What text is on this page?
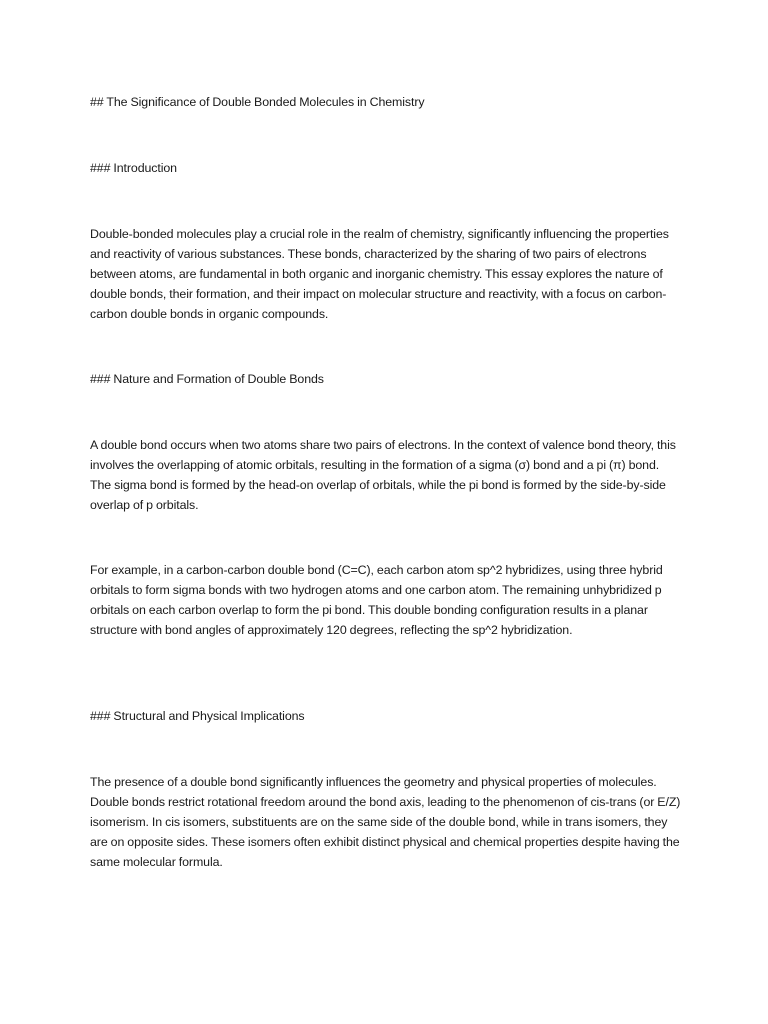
## The Significance of Double Bonded Molecules in Chemistry

### Introduction

Double-bonded molecules play a crucial role in the realm of chemistry, significantly influencing the properties and reactivity of various substances. These bonds, characterized by the sharing of two pairs of electrons between atoms, are fundamental in both organic and inorganic chemistry. This essay explores the nature of double bonds, their formation, and their impact on molecular structure and reactivity, with a focus on carbon-carbon double bonds in organic compounds.

### Nature and Formation of Double Bonds

A double bond occurs when two atoms share two pairs of electrons. In the context of valence bond theory, this involves the overlapping of atomic orbitals, resulting in the formation of a sigma (σ) bond and a pi (π) bond. The sigma bond is formed by the head-on overlap of orbitals, while the pi bond is formed by the side-by-side overlap of p orbitals.

For example, in a carbon-carbon double bond (C=C), each carbon atom sp^2 hybridizes, using three hybrid orbitals to form sigma bonds with two hydrogen atoms and one carbon atom. The remaining unhybridized p orbitals on each carbon overlap to form the pi bond. This double bonding configuration results in a planar structure with bond angles of approximately 120 degrees, reflecting the sp^2 hybridization.

### Structural and Physical Implications

The presence of a double bond significantly influences the geometry and physical properties of molecules. Double bonds restrict rotational freedom around the bond axis, leading to the phenomenon of cis-trans (or E/Z) isomerism. In cis isomers, substituents are on the same side of the double bond, while in trans isomers, they are on opposite sides. These isomers often exhibit distinct physical and chemical properties despite having the same molecular formula.
